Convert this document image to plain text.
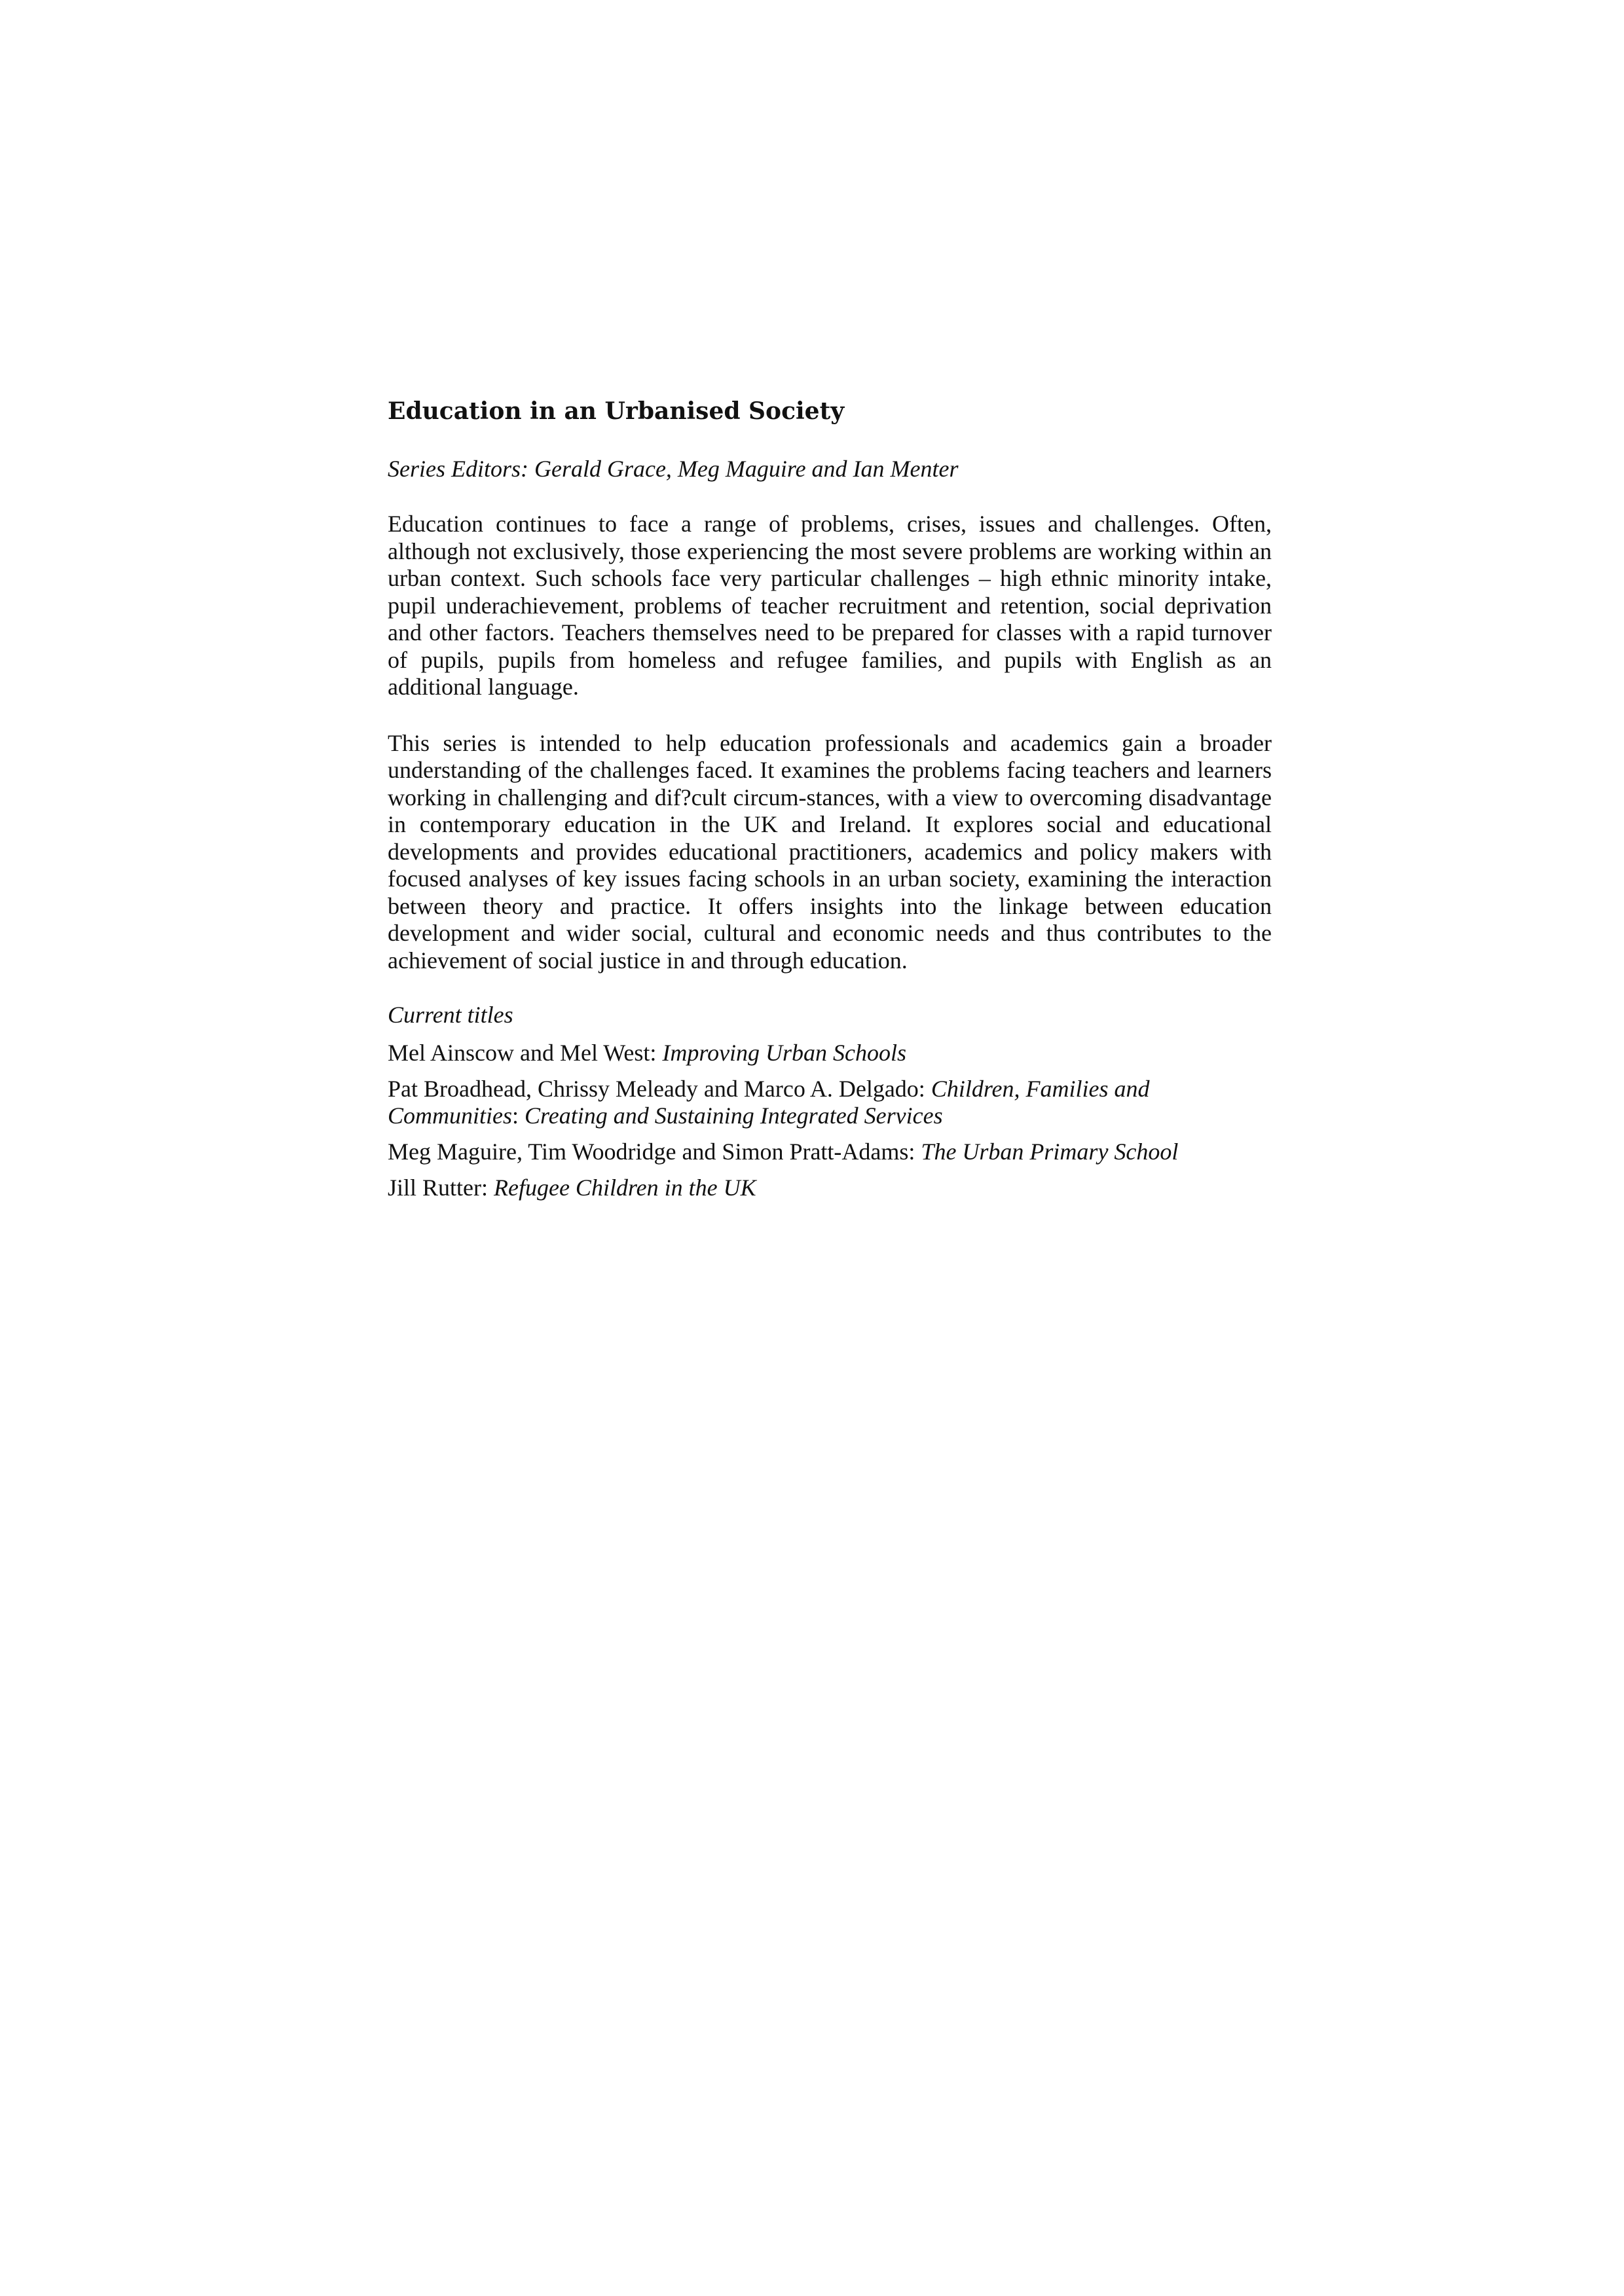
Education in an Urbanised Society

Series Editors: Gerald Grace, Meg Maguire and Ian Menter

Education continues to face a range of problems, crises, issues and challenges. Often, although not exclusively, those experiencing the most severe problems are working within an urban context. Such schools face very particular challenges – high ethnic minority intake, pupil underachievement, problems of teacher recruitment and retention, social deprivation and other factors. Teachers themselves need to be prepared for classes with a rapid turnover of pupils, pupils from homeless and refugee families, and pupils with English as an additional language.

This series is intended to help education professionals and academics gain a broader understanding of the challenges faced. It examines the problems facing teachers and learners working in challenging and dif?cult circum-stances, with a view to overcoming disadvantage in contemporary education in the UK and Ireland. It explores social and educational developments and provides educational practitioners, academics and policy makers with focused analyses of key issues facing schools in an urban society, examining the interaction between theory and practice. It offers insights into the linkage between education development and wider social, cultural and economic needs and thus contributes to the achievement of social justice in and through education.

Current titles

Mel Ainscow and Mel West: Improving Urban Schools
Pat Broadhead, Chrissy Meleady and Marco A. Delgado: Children, Families and Communities: Creating and Sustaining Integrated Services
Meg Maguire, Tim Woodridge and Simon Pratt-Adams: The Urban Primary School
Jill Rutter: Refugee Children in the UK
